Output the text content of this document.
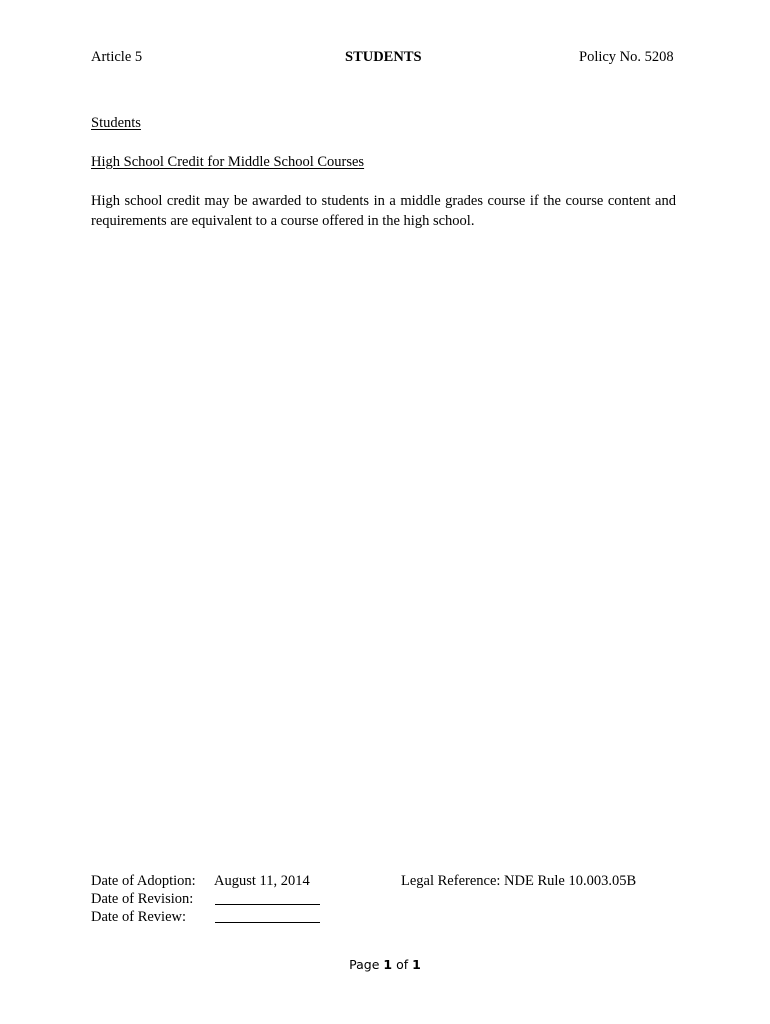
Article 5	STUDENTS	Policy No. 5208
Students
High School Credit for Middle School Courses
High school credit may be awarded to students in a middle grades course if the course content and requirements are equivalent to a course offered in the high school.
Date of Adoption: August 11, 2014
Date of Revision:
Date of Review:
Legal Reference: NDE Rule 10.003.05B
Page 1 of 1
